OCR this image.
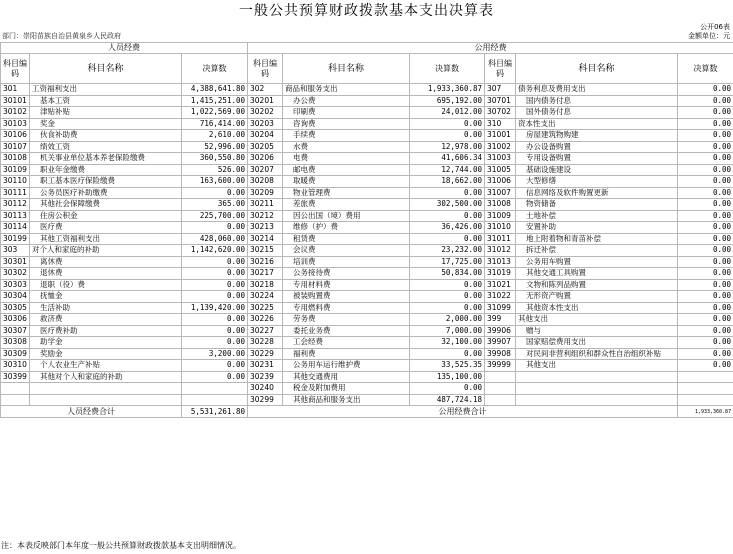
一般公共预算财政拨款基本支出决算表
公开06表
部门：崇阳苗族自治县黄泉乡人民政府	金额单位：元
人员经费			公用经费					
科目编码	科目名称	决算数	科目编码	科目名称	决算数	科目编码	科目名称	决算数
301	工资福利支出	4,388,641.80	302	商品和服务支出	1,933,360.87	307	债务利息及费用支出	0.00
30101	基本工资	1,415,251.00	30201	办公费	695,192.00	30701	国内债务付息	0.00
30102	津贴补贴	1,022,569.00	30202	印刷费	24,012.00	30702	国外债务付息	0.00
30103	奖金	716,414.00	30203	咨询费	0.00	310	资本性支出	0.00
30106	伙食补助费	2,610.00	30204	手续费	0.00	31001	房屋建筑物购建	0.00
30107	绩效工资	52,996.00	30205	水费	12,978.00	31002	办公设备购置	0.00
30108	机关事业单位基本养老保险缴费	360,550.80	30206	电费	41,606.34	31003	专用设备购置	0.00
30109	职业年金缴费	526.00	30207	邮电费	12,744.00	31005	基础设施建设	0.00
30110	职工基本医疗保险缴费	163,600.00	30208	取暖费	18,662.00	31006	大型修缮	0.00
30111	公务员医疗补助缴费	0.00	30209	物业管理费	0.00	31007	信息网络及软件购置更新	0.00
30112	其他社会保障缴费	365.00	30211	差旅费	302,500.00	31008	物资储备	0.00
30113	住房公积金	225,700.00	30212	因公出国（境）费用	0.00	31009	土地补偿	0.00
30114	医疗费	0.00	30213	维修（护）费	36,426.00	31010	安置补助	0.00
30199	其他工资福利支出	428,060.00	30214	租赁费	0.00	31011	地上附着物和青苗补偿	0.00
303	对个人和家庭的补助	1,142,620.00	30215	会议费	23,232.00	31012	拆迁补偿	0.00
30301	离休费	0.00	30216	培训费	17,725.00	31013	公务用车购置	0.00
30302	退休费	0.00	30217	公务接待费	50,834.00	31019	其他交通工具购置	0.00
30303	退职（役）费	0.00	30218	专用材料费	0.00	31021	文物和陈列品购置	0.00
30304	抚恤金	0.00	30224	被装购置费	0.00	31022	无形资产购置	0.00
30305	生活补助	1,139,420.00	30225	专用燃料费	0.00	31099	其他资本性支出	0.00
30306	救济费	0.00	30226	劳务费	2,000.00	399	其他支出	0.00
30307	医疗费补助	0.00	30227	委托业务费	7,000.00	39906	赠与	0.00
30308	助学金	0.00	30228	工会经费	32,100.00	39907	国家赔偿费用支出	0.00
30309	奖励金	3,200.00	30229	福利费	0.00	39908	对民间非营利组织和群众性自治组织补贴	0.00
30310	个人农业生产补贴	0.00	30231	公务用车运行维护费	33,525.35	39999	其他支出	0.00
30399	其他对个人和家庭的补助	0.00	30239	其他交通费用	135,100.00			
			30240	税金及附加费用	0.00			
			30299	其他商品和服务支出	487,724.18			
人员经费合计		5,531,261.80	公用经费合计					1,933,360.87
注：本表反映部门本年度一般公共预算财政拨款基本支出明细情况。
